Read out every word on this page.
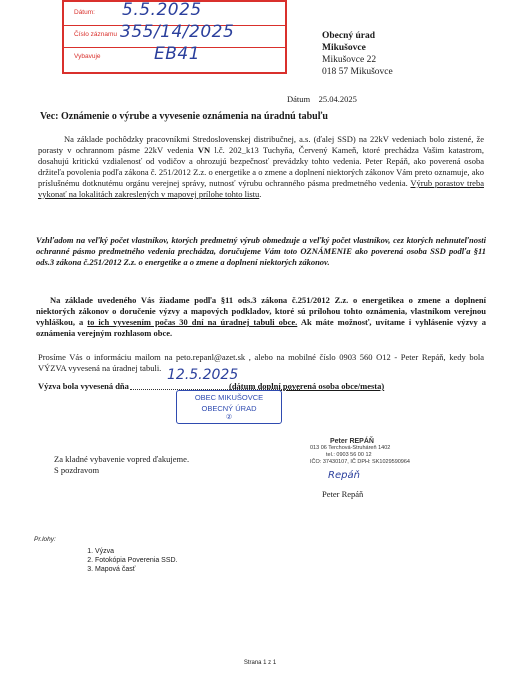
Dátum: 5.5.2025
Číslo záznamu 355/14/2025
Vybavuje	EB41
Obecný úrad
Mikušovce
Mikušovce 22
018 57 Mikušovce
Dátum 25.04.2025
Vec: Oznámenie o výrube a vyvesenie oznámenia na úradnú tabuľu

Na základe pochôdzky pracovníkmi Stredoslovenskej distribučnej, a.s. (ďalej SSD) na 22kV vedeniach bolo zistené, že porasty v ochrannom pásme 22kV vedenia VN l.č. 202_k13 Tuchyňa, Červený Kameň, ktoré prechádza Vašim katastrom, dosahujú kritickú vzdialenosť od vodičov a ohrozujú bezpečnosť prevádzky tohto vedenia. Peter Repáň, ako poverená osoba držiteľa povolenia podľa zákona č. 251/2012 Z.z. o energetike a o zmene a doplnení niektorých zákonov Vám preto oznamuje, ako príslušnému dotknutému orgánu verejnej správy, nutnosť výrubu ochranného pásma predmetného vedenia. Výrub porastov treba vykonať na lokalitách zakreslených v mapovej prílohe tohto listu.

Vzhľadom na veľký počet vlastníkov, ktorých predmetný výrub obmedzuje a veľký počet vlastníkov, cez ktorých nehnuteľnosti ochranné pásmo predmetného vedenia prechádza, doručujeme Vám toto OZNÁMENIE ako poverená osoba SSD podľa §11 ods.3 zákona č.251/2012 Z.z. o energetike a o zmene a doplnení niektorých zákonov.

Na základe uvedeného Vás žiadame podľa §11 ods.3 zákona č.251/2012 Z.z. o energetikea o zmene a doplnení niektorých zákonov o doručenie výzvy a mapových podkladov, ktoré sú prílohou tohto oznámenia, vlastníkom verejnou vyhláškou, a to ich vyvesením počas 30 dní na úradnej tabuli obce. Ak máte možnosť, uvítame i vyhlásenie výzvy a oznámenia verejným rozhlasom obce.

Prosíme Vás o informáciu mailom na peto.repanl@azet.sk , alebo na mobilné číslo 0903 560 O12 - Peter Repáň, kedy bola VÝZVA vyvesená na úradnej tabuli.

Výzva bola vyvesená dňa
12.5.2025
(dátum doplní poverená osoba obce/mesta)
OBEC MIKUŠOVCE
OBECNÝ ÚRAD
②
Za kladné vybavenie vopred ďakujeme.
S pozdravom
Peter REPÁŇ
013 06 Terchová-Struháreň 1402
tel.: 0903 56 00 12
IČO: 37430107, IČ DPH: SK1029590964
Repáň
Peter Repáň
Pr.lohy:
1. Výzva
2. Fotokópia Poverenia SSD.
3. Mapová časť
Strana 1 z 1
